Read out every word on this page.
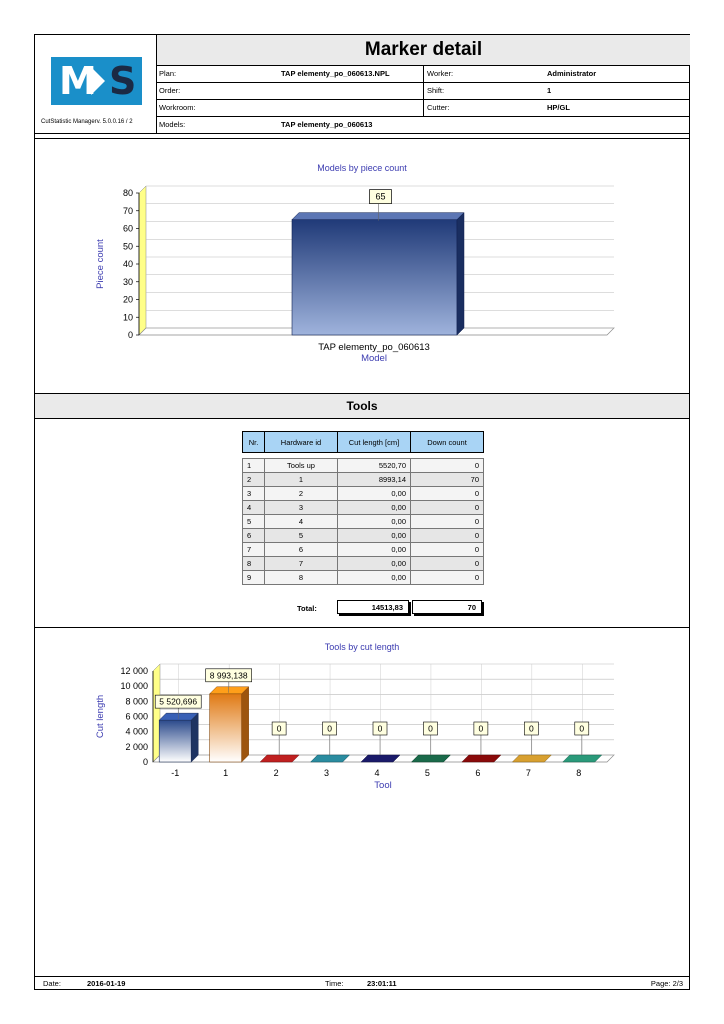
M S
CutStatistic Managerv. 5.0.0.16 / 2
Marker detail
Plan:	TAP elementy_po_060613.NPL	Worker:	Administrator
Order:	Shift:	1
Workroom:	Cutter:	HP/GL
Models:	TAP elementy_po_060613
Models by piece count
0
10
20
30
40
50
60
70
80	65
TAP elementy_po_060613
Model
Piece count
Tools
Nr.	Hardware id	Cut length [cm]	Down count

1	Tools up	5520,70	0
2	1	8993,14	70
3	2	0,00	0
4	3	0,00	0
5	4	0,00	0
6	5	0,00	0
7	6	0,00	0
8	7	0,00	0
9	8	0,00	0
Total:	14513,83	70
Tools by cut length
0
2 000
4 000
6 000
8 000
10 000
12 000
5 520,696
-1
8 993,138
1
0
2
0
3
0
4
0
5
0
6
0
7
0
8
Tool
Cut length
Date:	2016-01-19	Time:	23:01:11	Page: 2/3
